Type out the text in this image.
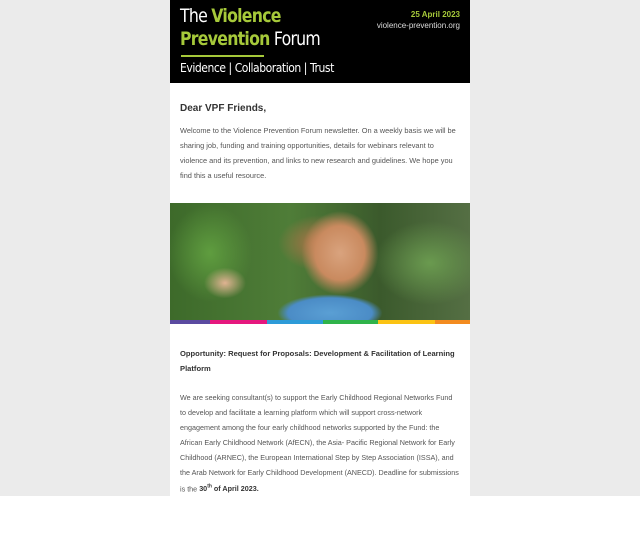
The Violence
Prevention Forum
Evidence | Collaboration | Trust
25 April 2023
violence-prevention.org

Dear VPF Friends,

Welcome to the Violence Prevention Forum newsletter. On a weekly basis we will be sharing job, funding and training opportunities, details for webinars relevant to violence and its prevention, and links to new research and guidelines. We hope you find this a useful resource.

Opportunity: Request for Proposals: Development & Facilitation of Learning Platform

We are seeking consultant(s) to support the Early Childhood Regional Networks Fund to develop and facilitate a learning platform which will support cross-network engagement among the four early childhood networks supported by the Fund: the African Early Childhood Network (AfECN), the Asia- Pacific Regional Network for Early Childhood (ARNEC), the European International Step by Step Association (ISSA), and the Arab Network for Early Childhood Development (ANECD). Deadline for submissions is the 30th of April 2023.
